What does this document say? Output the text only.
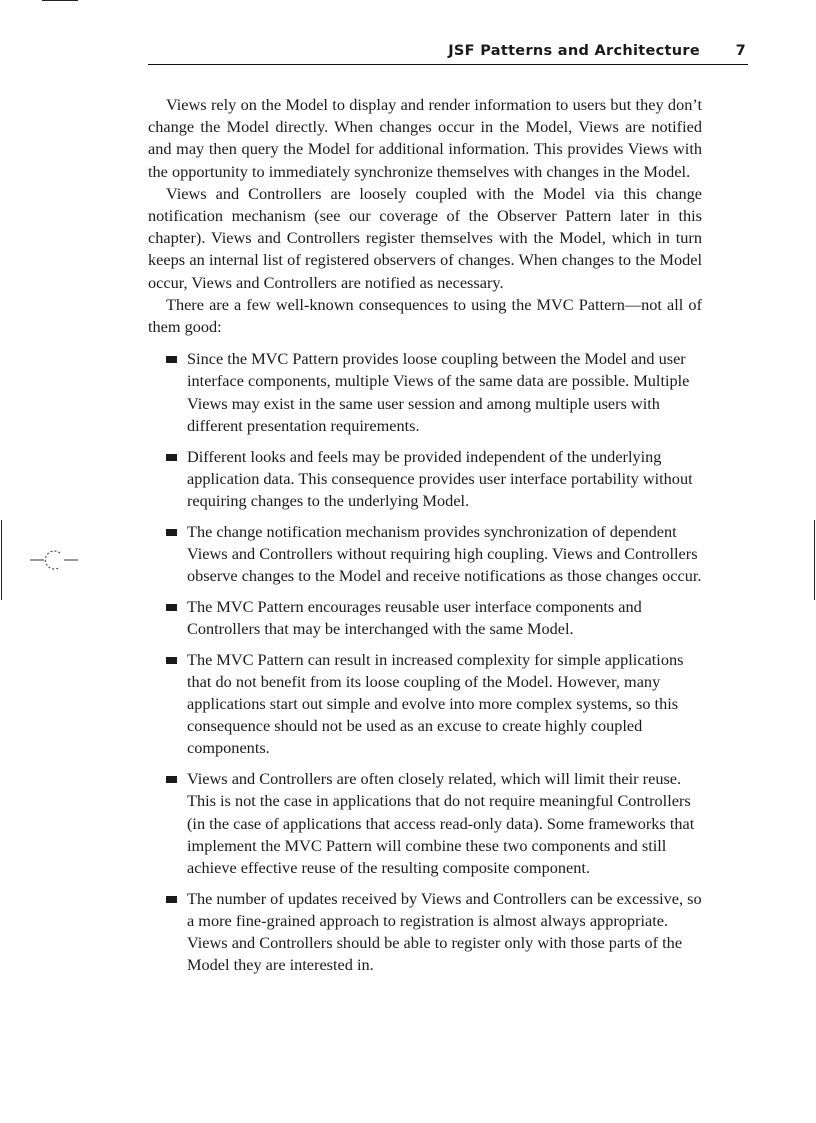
JSF Patterns and Architecture 7

Views rely on the Model to display and render information to users but they don’t change the Model directly. When changes occur in the Model, Views are notified and may then query the Model for additional information. This provides Views with the opportunity to immediately synchronize themselves with changes in the Model.

Views and Controllers are loosely coupled with the Model via this change notification mechanism (see our coverage of the Observer Pattern later in this chapter). Views and Controllers register themselves with the Model, which in turn keeps an internal list of registered observers of changes. When changes to the Model occur, Views and Controllers are notified as necessary.

There are a few well-known consequences to using the MVC Pattern—not all of them good:

Since the MVC Pattern provides loose coupling between the Model and user interface components, multiple Views of the same data are possible. Multiple Views may exist in the same user session and among multiple users with different presentation requirements.
Different looks and feels may be provided independent of the underlying application data. This consequence provides user interface portability without requiring changes to the underlying Model.
The change notification mechanism provides synchronization of dependent Views and Controllers without requiring high coupling. Views and Controllers observe changes to the Model and receive notifications as those changes occur.
The MVC Pattern encourages reusable user interface components and Controllers that may be interchanged with the same Model.
The MVC Pattern can result in increased complexity for simple applications that do not benefit from its loose coupling of the Model. However, many applications start out simple and evolve into more complex systems, so this consequence should not be used as an excuse to create highly coupled components.
Views and Controllers are often closely related, which will limit their reuse. This is not the case in applications that do not require meaningful Controllers (in the case of applications that access read-only data). Some frameworks that implement the MVC Pattern will combine these two components and still achieve effective reuse of the resulting composite component.
The number of updates received by Views and Controllers can be excessive, so a more fine-grained approach to registration is almost always appropriate. Views and Controllers should be able to register only with those parts of the Model they are interested in.
